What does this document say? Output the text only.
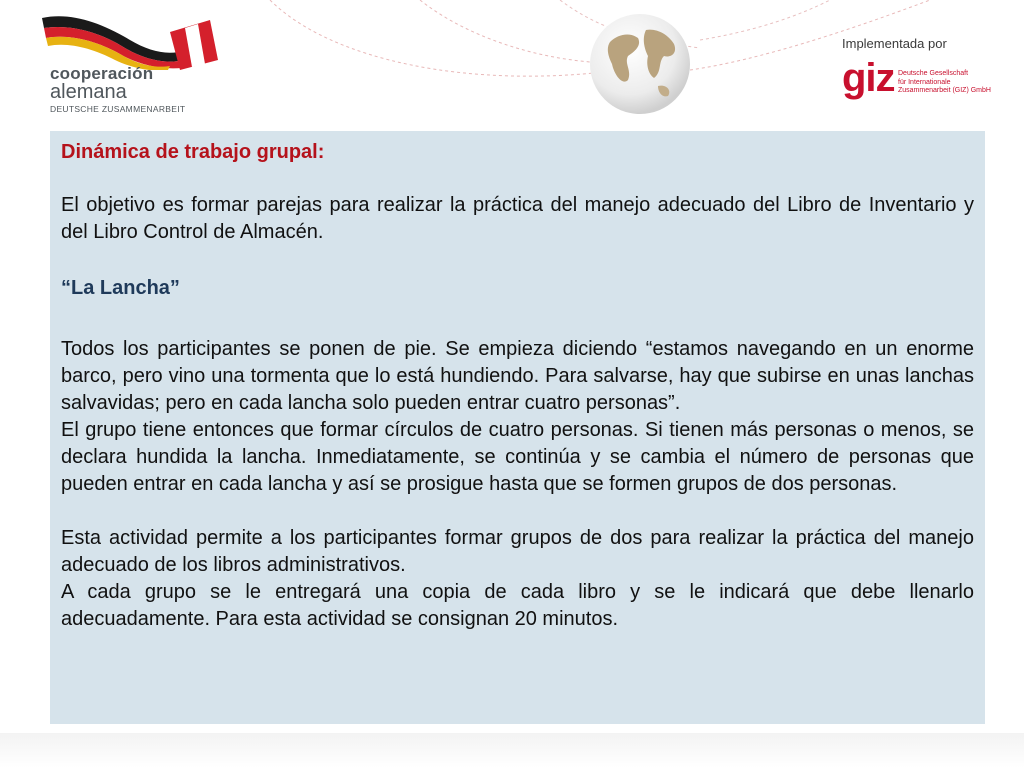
cooperación
alemana
DEUTSCHE ZUSAMMENARBEIT
Implementada por
giz Deutsche Gesellschaft
für Internationale
Zusammenarbeit (GIZ) GmbH

Dinámica de trabajo grupal:

El objetivo es formar parejas para realizar la práctica del manejo adecuado del Libro de Inventario y del Libro Control de Almacén.

“La Lancha”

Todos los participantes se ponen de pie. Se empieza diciendo “estamos navegando en un enorme barco, pero vino una tormenta que lo está hundiendo. Para salvarse, hay que subirse en unas lanchas salvavidas; pero en cada lancha solo pueden entrar cuatro personas”.

El grupo tiene entonces que formar círculos de cuatro personas. Si tienen más personas o menos, se declara hundida la lancha. Inmediatamente, se continúa y se cambia el número de personas que pueden entrar en cada lancha y así se prosigue hasta que se formen grupos de dos personas.

Esta actividad permite a los participantes formar grupos de dos para realizar la práctica del manejo adecuado de los libros administrativos.

A cada grupo se le entregará una copia de cada libro y se le indicará que debe llenarlo adecuadamente. Para esta actividad se consignan 20 minutos.
